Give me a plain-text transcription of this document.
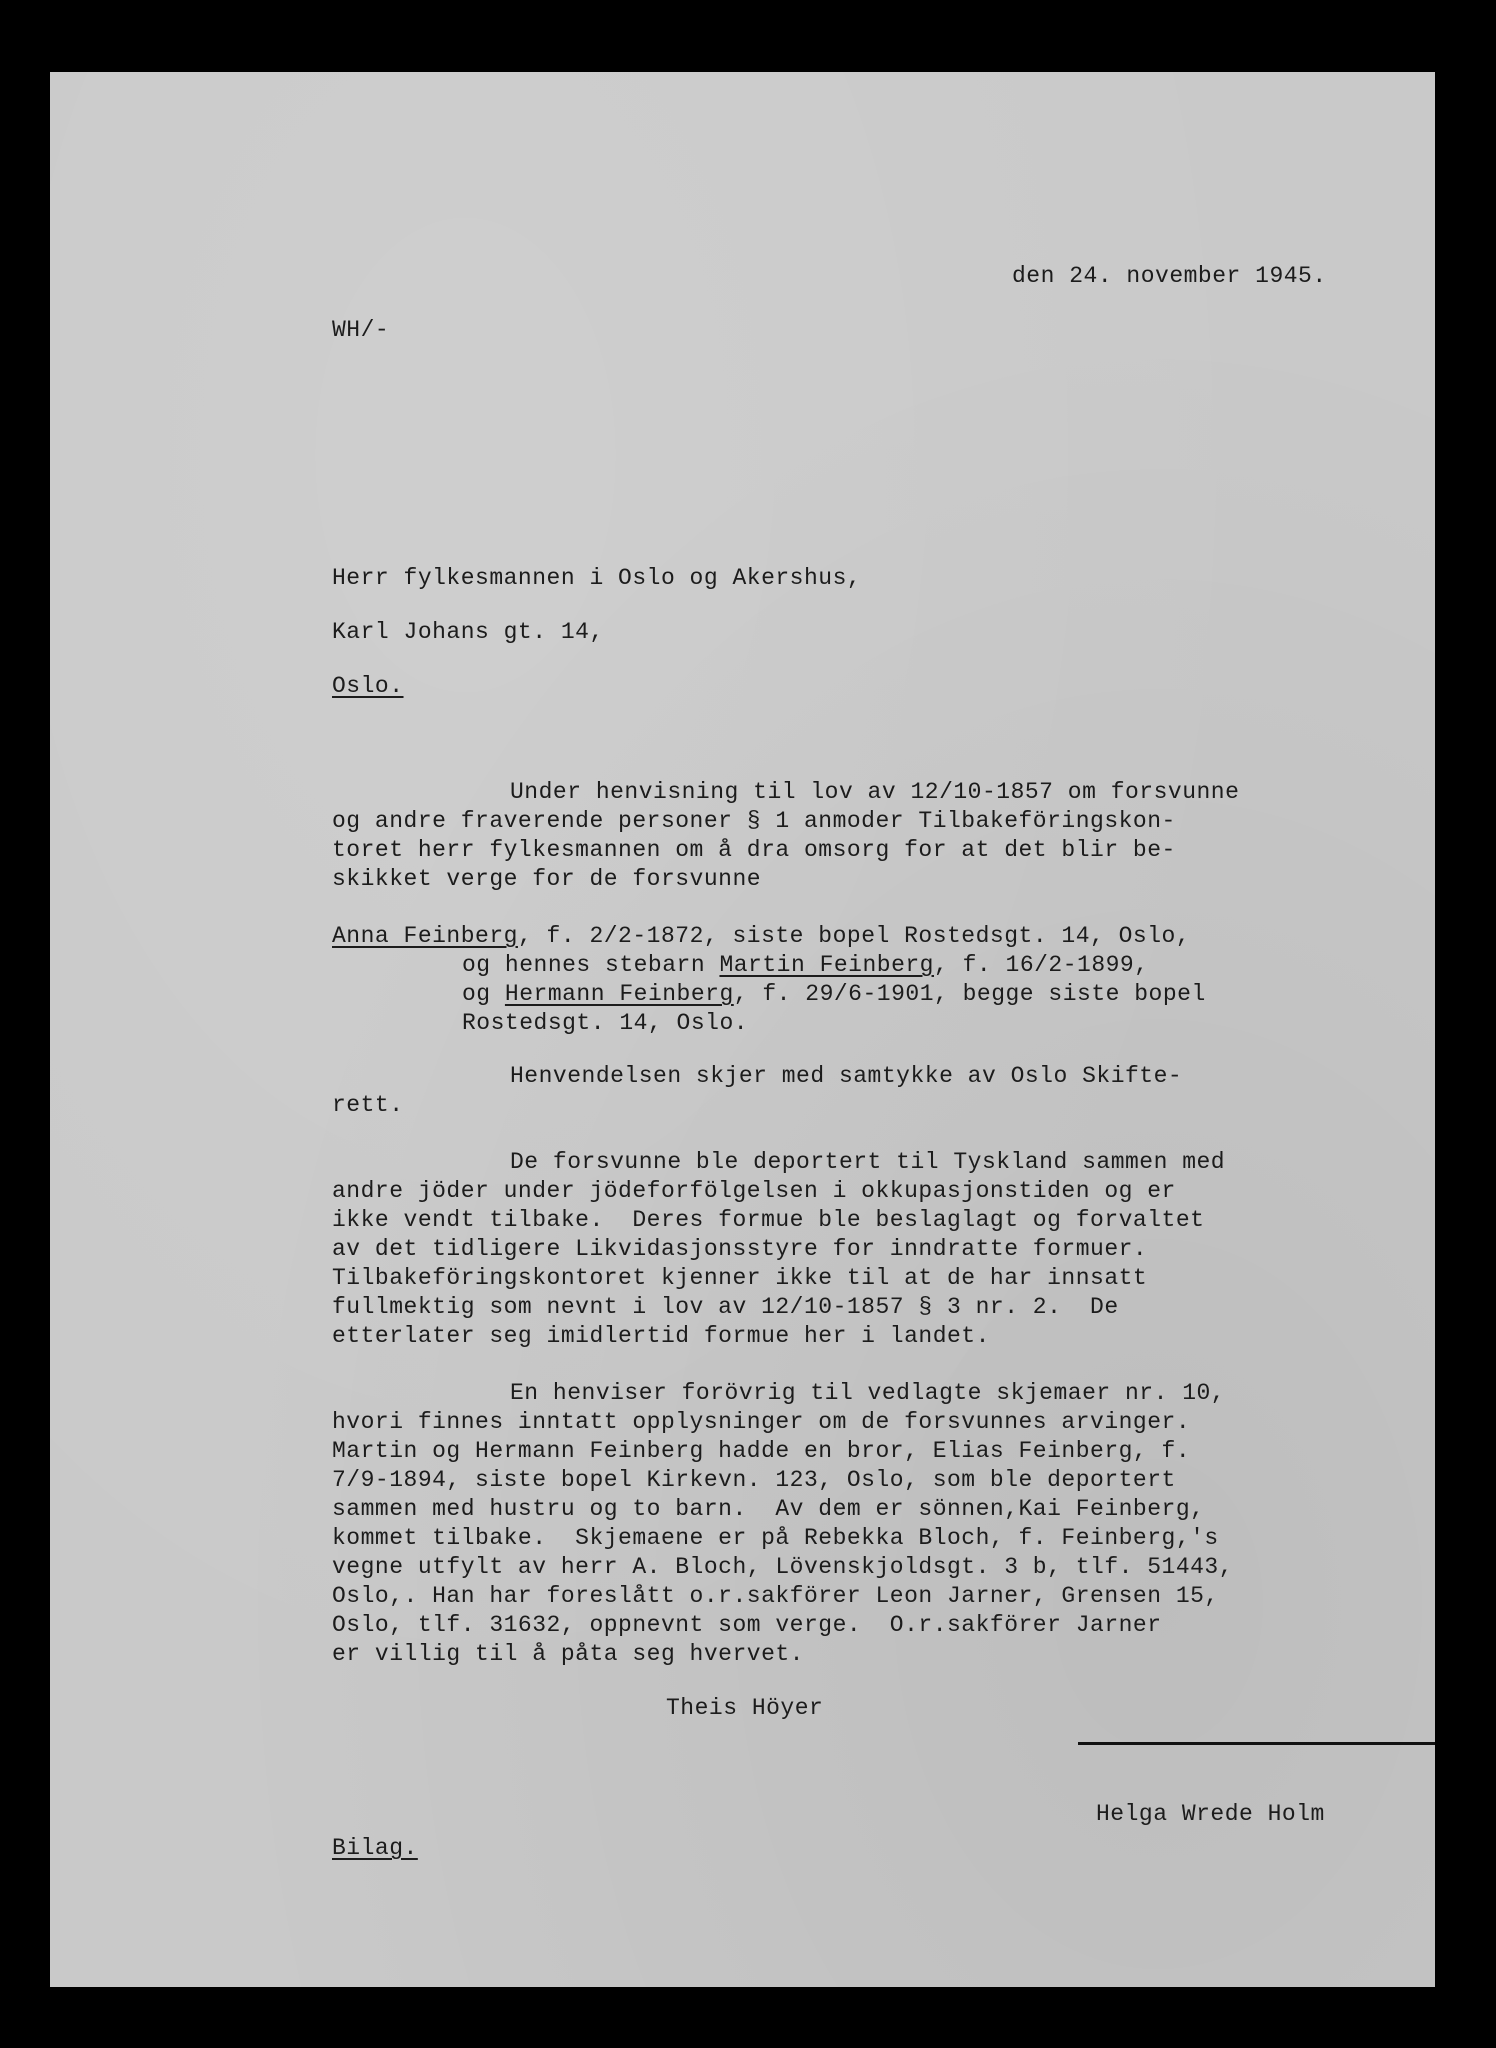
den 24. november 1945.
WH/-
Herr fylkesmannen i Oslo og Akershus,
Karl Johans gt. 14,
Oslo.
Under henvisning til lov av 12/10-1857 om forsvunne
og andre fraverende personer § 1 anmoder Tilbakeföringskon-
toret herr fylkesmannen om å dra omsorg for at det blir be-
skikket verge for de forsvunne
Anna Feinberg, f. 2/2-1872, siste bopel Rostedsgt. 14, Oslo,
og hennes stebarn Martin Feinberg, f. 16/2-1899,
og Hermann Feinberg, f. 29/6-1901, begge siste bopel
Rostedsgt. 14, Oslo.
Henvendelsen skjer med samtykke av Oslo Skifte-
rett.
De forsvunne ble deportert til Tyskland sammen med
andre jöder under jödeforfölgelsen i okkupasjonstiden og er
ikke vendt tilbake.  Deres formue ble beslaglagt og forvaltet
av det tidligere Likvidasjonsstyre for inndratte formuer.
Tilbakeföringskontoret kjenner ikke til at de har innsatt
fullmektig som nevnt i lov av 12/10-1857 § 3 nr. 2.  De
etterlater seg imidlertid formue her i landet.
En henviser forövrig til vedlagte skjemaer nr. 10,
hvori finnes inntatt opplysninger om de forsvunnes arvinger.
Martin og Hermann Feinberg hadde en bror, Elias Feinberg, f.
7/9-1894, siste bopel Kirkevn. 123, Oslo, som ble deportert
sammen med hustru og to barn.  Av dem er sönnen,Kai Feinberg,
kommet tilbake.  Skjemaene er på Rebekka Bloch, f. Feinberg,'s
vegne utfylt av herr A. Bloch, Lövenskjoldsgt. 3 b, tlf. 51443,
Oslo,. Han har foreslått o.r.sakförer Leon Jarner, Grensen 15,
Oslo, tlf. 31632, oppnevnt som verge.  O.r.sakförer Jarner
er villig til å påta seg hvervet.
Theis Höyer
Helga Wrede Holm
Bilag.
